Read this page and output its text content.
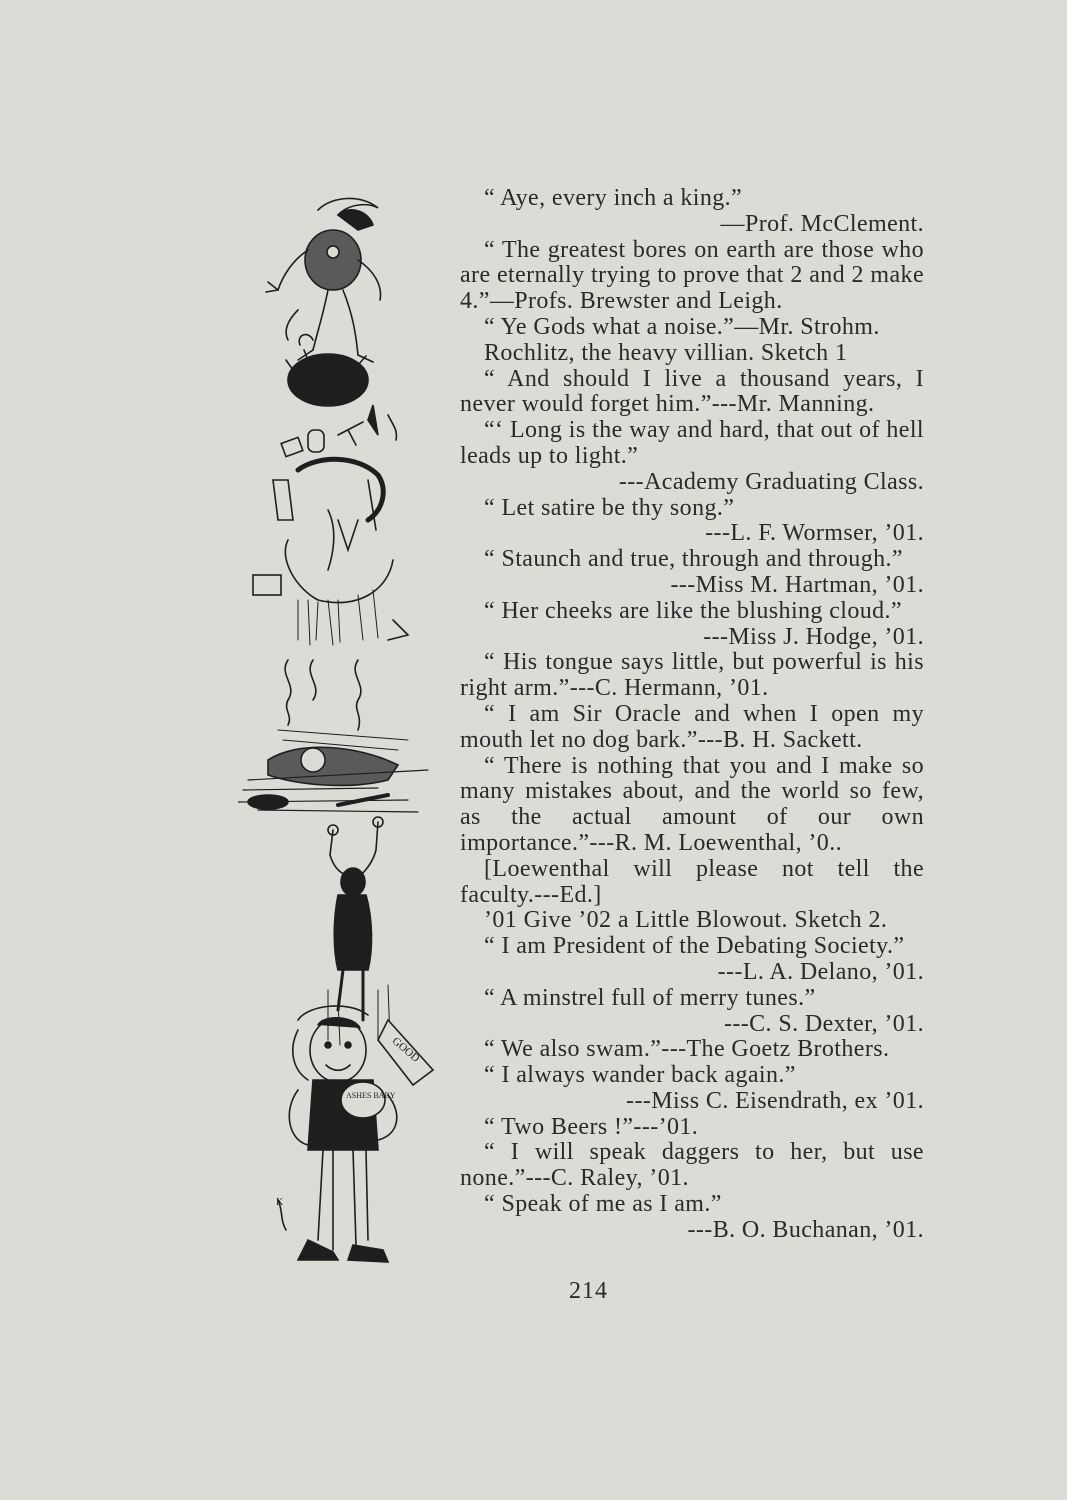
GOOD
ASHES BABY
K

“ Aye, every inch a king.”

—Prof. McClement.

“ The greatest bores on earth are those who are eternally trying to prove that 2 and 2 make 4.”—Profs. Brewster and Leigh.

“ Ye Gods what a noise.”—Mr. Strohm.

Rochlitz, the heavy villian. Sketch 1

“ And should I live a thousand years, I never would forget him.”---Mr. Manning.

“‘ Long is the way and hard, that out of hell leads up to light.”

---Academy Graduating Class.

“ Let satire be thy song.”

---L. F. Wormser, ’01.

“ Staunch and true, through and through.”

---Miss M. Hartman, ’01.

“ Her cheeks are like the blushing cloud.”

---Miss J. Hodge, ’01.

“ His tongue says little, but powerful is his right arm.”---C. Hermann, ’01.

“ I am Sir Oracle and when I open my mouth let no dog bark.”---B. H. Sackett.

“ There is nothing that you and I make so many mistakes about, and the world so few, as the actual amount of our own importance.”---R. M. Loewenthal, ’0..

[Loewenthal will please not tell the faculty.---Ed.]

’01 Give ’02 a Little Blowout. Sketch 2.

“ I am President of the Debating Society.”

---L. A. Delano, ’01.

“ A minstrel full of merry tunes.”

---C. S. Dexter, ’01.

“ We also swam.”---The Goetz Brothers.

“ I always wander back again.”

---Miss C. Eisendrath, ex ’01.

“ Two Beers !”---’01.

“ I will speak daggers to her, but use none.”---C. Raley, ’01.

“ Speak of me as I am.”

---B. O. Buchanan, ’01.

214
